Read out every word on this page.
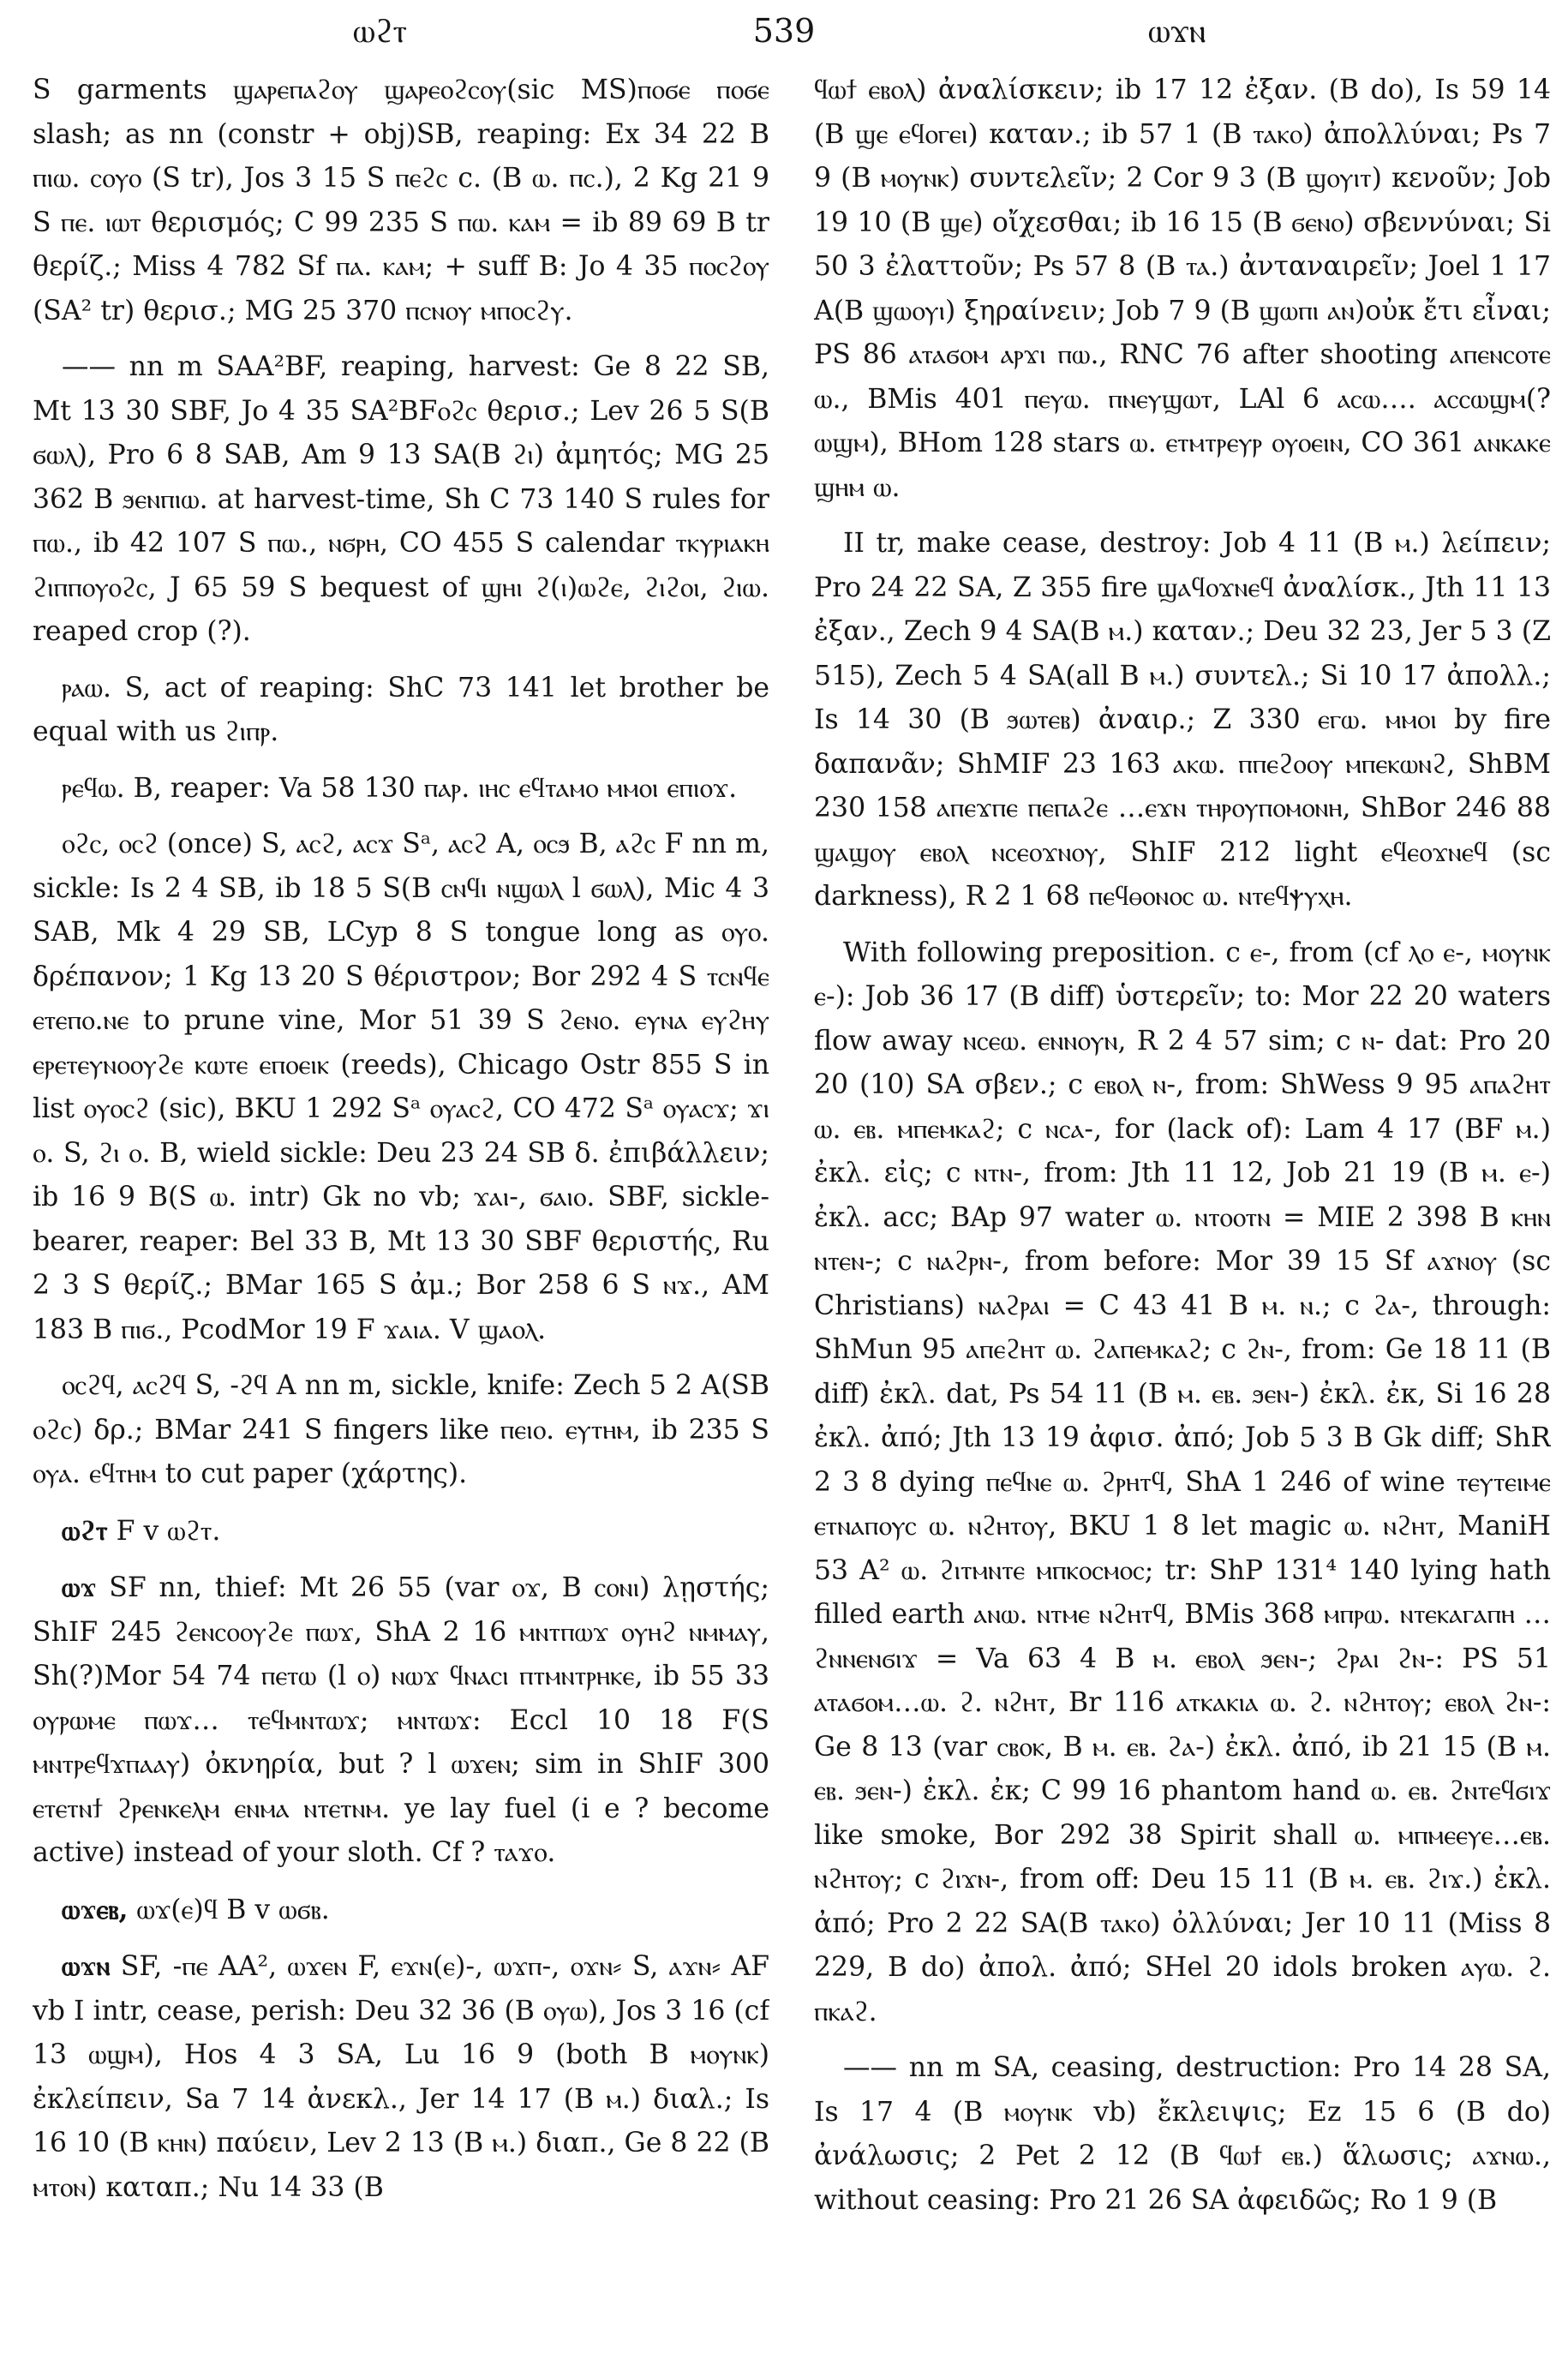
ⲱϩⲧ	539	ⲱϫⲛ

S garments ϣⲁⲣⲉⲡⲁϩⲟⲩ ϣⲁⲣⲉⲟϩⲥⲟⲩ(sic MS)ⲡⲟϭⲉ ⲡⲟϭⲉ slash; as nn (constr + obj)SB, reaping: Ex 34 22 B ⲡⲓⲱ. ⲥⲟⲩⲟ (S tr), Jos 3 15 S ⲡⲉϩⲥ c. (B ⲱ. ⲡⲥ.), 2 Kg 21 9 S ⲡⲉ. ⲓⲱⲧ θερισμός; C 99 235 S ⲡⲱ. ⲕⲁⲙ = ib 89 69 B tr θερίζ.; Miss 4 782 Sf ⲡⲁ. ⲕⲁⲙ; + suff B: Jo 4 35 ⲡⲟⲥϩⲟⲩ (SA² tr) θερισ.; MG 25 370 ⲡⲥⲛⲟⲩ ⲙⲡⲟⲥϩⲩ.

—— nn m SAA²BF, reaping, harvest: Ge 8 22 SB, Mt 13 30 SBF, Jo 4 35 SA²BFⲟϩⲥ θερισ.; Lev 26 5 S(B ϭⲱⲗ), Pro 6 8 SAB, Am 9 13 SA(B ϩⲓ) ἀμητός; MG 25 362 B ϧⲉⲛⲡⲓⲱ. at harvest-time, Sh C 73 140 S rules for ⲡⲱ., ib 42 107 S ⲡⲱ., ⲛϭⲣⲏ, CO 455 S calendar ⲧⲕⲩⲣⲓⲁⲕⲏ ϩⲓⲡⲡⲟⲩⲟϩⲥ, J 65 59 S bequest of ϣⲏⲓ ϩ(ⲓ)ⲱϩⲉ, ϩⲓϩⲟⲓ, ϩⲓⲱ. reaped crop (?).

ⲣⲁⲱ. S, act of reaping: ShC 73 141 let brother be equal with us ϩⲓⲡⲣ.

ⲣⲉϥⲱ. B, reaper: Va 58 130 ⲡⲁⲣ. ⲓⲏⲥ ⲉϥⲧⲁⲙⲟ ⲙⲙⲟⲓ ⲉⲡⲓⲟϫ.

ⲟϩⲥ, ⲟⲥϩ (once) S, ⲁⲥϩ, ⲁⲥϫ Sᵃ, ⲁⲥϩ A, ⲟⲥϧ B, ⲁϩⲥ F nn m, sickle: Is 2 4 SB, ib 18 5 S(B ⲥⲛϥⲓ ⲛϣⲱⲗ l ϭⲱⲗ), Mic 4 3 SAB, Mk 4 29 SB, LCyp 8 S tongue long as ⲟⲩⲟ. δρέπανον; 1 Kg 13 20 S θέριστρον; Bor 292 4 S ⲧⲥⲛϥⲉ ⲉⲧⲉⲡⲟ.ⲛⲉ to prune vine, Mor 51 39 S ϩⲉⲛⲟ. ⲉⲩⲛⲁ ⲉⲩϩⲏⲩ ⲉⲣⲉⲧⲉⲩⲛⲟⲟⲩϩⲉ ⲕⲱⲧⲉ ⲉⲡⲟⲉⲓⲕ (reeds), Chicago Ostr 855 S in list ⲟⲩⲟⲥϩ (sic), BKU 1 292 Sᵃ ⲟⲩⲁⲥϩ, CO 472 Sᵃ ⲟⲩⲁⲥϫ; ϫⲓ ⲟ. S, ϩⲓ ⲟ. B, wield sickle: Deu 23 24 SB δ. ἐπιβάλλειν; ib 16 9 B(S ⲱ. intr) Gk no vb; ϫⲁⲓ-, ϭⲁⲓⲟ. SBF, sickle-bearer, reaper: Bel 33 B, Mt 13 30 SBF θεριστής, Ru 2 3 S θερίζ.; BMar 165 S ἀμ.; Bor 258 6 S ⲛϫ., AM 183 B ⲡⲓϭ., PcodMor 19 F ϫⲁⲓⲁ. V ϣⲁⲟⲗ.

ⲟⲥϩϥ, ⲁⲥϩϥ S, -ϩϥ A nn m, sickle, knife: Zech 5 2 A(SB ⲟϩⲥ) δρ.; BMar 241 S fingers like ⲡⲉⲓⲟ. ⲉⲩⲧⲏⲙ, ib 235 S ⲟⲩⲁ. ⲉϥⲧⲏⲙ to cut paper (χάρτης).

ⲱϩⲧ F v ⲱϩⲧ.

ⲱϫ SF nn, thief: Mt 26 55 (var ⲟϫ, B ⲥⲟⲛⲓ) λῃστής; ShIF 245 ϩⲉⲛⲥⲟⲟⲩϩⲉ ⲡⲱϫ, ShA 2 16 ⲙⲛⲧⲡⲱϫ ⲟⲩⲏϩ ⲛⲙⲙⲁⲩ, Sh(?)Mor 54 74 ⲡⲉⲧⲱ (l ⲟ) ⲛⲱϫ ϥⲛⲁⲥⲓ ⲡⲧⲙⲛⲧⲣⲏⲕⲉ, ib 55 33 ⲟⲩⲣⲱⲙⲉ ⲡⲱϫ… ⲧⲉϥⲙⲛⲧⲱϫ; ⲙⲛⲧⲱϫ: Eccl 10 18 F(S ⲙⲛⲧⲣⲉϥϫⲡⲁⲁⲩ) ὀκνηρία, but ? l ⲱϫⲉⲛ; sim in ShIF 300 ⲉⲧⲉⲧⲛϯ ϩⲣⲉⲛⲕⲉⲗⲙ ⲉⲛⲙⲁ ⲛⲧⲉⲧⲛⲙ. ye lay fuel (i e ? become active) instead of your sloth. Cf ? ⲧⲁϫⲟ.

ⲱϫⲉⲃ, ⲱϫ(ⲉ)ϥ B v ⲱϭⲃ.

ⲱϫⲛ SF, -ⲡⲉ AA², ⲱϫⲉⲛ F, ⲉϫⲛ(ⲉ)-, ⲱϫⲡ-, ⲟϫⲛ⸗ S, ⲁϫⲛ⸗ AF vb I intr, cease, perish: Deu 32 36 (B ⲟⲩⲱ), Jos 3 16 (cf 13 ⲱϣⲙ), Hos 4 3 SA, Lu 16 9 (both B ⲙⲟⲩⲛⲕ) ἐκλείπειν, Sa 7 14 ἀνεκλ., Jer 14 17 (B ⲙ.) διαλ.; Is 16 10 (B ⲕⲏⲛ) παύειν, Lev 2 13 (B ⲙ.) διαπ., Ge 8 22 (B ⲙⲧⲟⲛ) καταπ.; Nu 14 33 (B

ϥⲱϯ ⲉⲃⲟⲗ) ἀναλίσκειν; ib 17 12 ἐξαν. (B do), Is 59 14 (B ϣⲉ ⲉϥⲟⲅⲉⲓ) καταν.; ib 57 1 (B ⲧⲁⲕⲟ) ἀπολλύναι; Ps 7 9 (B ⲙⲟⲩⲛⲕ) συντελεῖν; 2 Cor 9 3 (B ϣⲟⲩⲓⲧ) κενοῦν; Job 19 10 (B ϣⲉ) οἴχεσθαι; ib 16 15 (B ϭⲉⲛⲟ) σβεννύναι; Si 50 3 ἐλαττοῦν; Ps 57 8 (B ⲧⲁ.) ἀνταναιρεῖν; Joel 1 17 A(B ϣⲱⲟⲩⲓ) ξηραίνειν; Job 7 9 (B ϣⲱⲡⲓ ⲁⲛ)οὐκ ἔτι εἶναι; PS 86 ⲁⲧⲁϭⲟⲙ ⲁⲣϫⲓ ⲡⲱ., RNC 76 after shooting ⲁⲡⲉⲛⲥⲟⲧⲉ ⲱ., BMis 401 ⲡⲉⲩⲱ. ⲡⲛⲉⲩϣⲱⲧ, LAl 6 ⲁⲥⲱ…. ⲁⲥⲥⲱϣⲙ(? ⲱϣⲙ), BHom 128 stars ⲱ. ⲉⲧⲙⲧⲣⲉⲩⲣ ⲟⲩⲟⲉⲓⲛ, CO 361 ⲁⲛⲕⲁⲕⲉ ϣⲏⲙ ⲱ.

II tr, make cease, destroy: Job 4 11 (B ⲙ.) λείπειν; Pro 24 22 SA, Z 355 fire ϣⲁϥⲟϫⲛⲉϥ ἀναλίσκ., Jth 11 13 ἐξαν., Zech 9 4 SA(B ⲙ.) καταν.; Deu 32 23, Jer 5 3 (Z 515), Zech 5 4 SA(all B ⲙ.) συντελ.; Si 10 17 ἀπολλ.; Is 14 30 (B ϧⲱⲧⲉⲃ) ἀναιρ.; Z 330 ⲉⲅⲱ. ⲙⲙⲟⲓ by fire δαπανᾶν; ShMIF 23 163 ⲁⲕⲱ. ⲡⲡⲉϩⲟⲟⲩ ⲙⲡⲉⲕⲱⲛϩ, ShBM 230 158 ⲁⲡⲉϫⲡⲉ ⲡⲉⲡⲁϩⲉ …ⲉϫⲛ ⲧⲏⲣⲟⲩⲡⲟⲙⲟⲛⲏ, ShBor 246 88 ϣⲁϣⲟⲩ ⲉⲃⲟⲗ ⲛⲥⲉⲟϫⲛⲟⲩ, ShIF 212 light ⲉϥⲉⲟϫⲛⲉϥ (sc darkness), R 2 1 68 ⲡⲉϥⲑⲟⲛⲟⲥ ⲱ. ⲛⲧⲉϥⲯⲩⲭⲏ.

With following preposition. c ⲉ-, from (cf ⲗⲟ ⲉ-, ⲙⲟⲩⲛⲕ ⲉ-): Job 36 17 (B diff) ὑστερεῖν; to: Mor 22 20 waters flow away ⲛⲥⲉⲱ. ⲉⲛⲛⲟⲩⲛ, R 2 4 57 sim; c ⲛ- dat: Pro 20 20 (10) SA σβεν.; c ⲉⲃⲟⲗ ⲛ-, from: ShWess 9 95 ⲁⲡⲁϩⲏⲧ ⲱ. ⲉⲃ. ⲙⲡⲉⲙⲕⲁϩ; c ⲛⲥⲁ-, for (lack of): Lam 4 17 (BF ⲙ.) ἐκλ. εἰς; c ⲛⲧⲛ-, from: Jth 11 12, Job 21 19 (B ⲙ. ⲉ-) ἐκλ. acc; BAp 97 water ⲱ. ⲛⲧⲟⲟⲧⲛ = MIE 2 398 B ⲕⲏⲛ ⲛⲧⲉⲛ-; c ⲛⲁϩⲣⲛ-, from before: Mor 39 15 Sf ⲁϫⲛⲟⲩ (sc Christians) ⲛⲁϩⲣⲁⲓ = C 43 41 B ⲙ. ⲛ.; c ϩⲁ-, through: ShMun 95 ⲁⲡⲉϩⲏⲧ ⲱ. ϩⲁⲡⲉⲙⲕⲁϩ; c ϩⲛ-, from: Ge 18 11 (B diff) ἐκλ. dat, Ps 54 11 (B ⲙ. ⲉⲃ. ϧⲉⲛ-) ἐκλ. ἐκ, Si 16 28 ἐκλ. ἀπό; Jth 13 19 ἀφισ. ἀπό; Job 5 3 B Gk diff; ShR 2 3 8 dying ⲡⲉϥⲛⲉ ⲱ. ϩⲣⲏⲧϥ, ShA 1 246 of wine ⲧⲉⲩⲧⲉⲓⲙⲉ ⲉⲧⲛⲁⲡⲟⲩⲥ ⲱ. ⲛϩⲏⲧⲟⲩ, BKU 1 8 let magic ⲱ. ⲛϩⲏⲧ, ManiH 53 A² ⲱ. ϩⲓⲧⲙⲛⲧⲉ ⲙⲡⲕⲟⲥⲙⲟⲥ; tr: ShP 131⁴ 140 lying hath filled earth ⲁⲛⲱ. ⲛⲧⲙⲉ ⲛϩⲏⲧϥ, BMis 368 ⲙⲡⲣⲱ. ⲛⲧⲉⲕⲁⲅⲁⲡⲏ … ϩⲛⲛⲉⲛϭⲓϫ = Va 63 4 B ⲙ. ⲉⲃⲟⲗ ϧⲉⲛ-; ϩⲣⲁⲓ ϩⲛ-: PS 51 ⲁⲧⲁϭⲟⲙ…ⲱ. ϩ. ⲛϩⲏⲧ, Br 116 ⲁⲧⲕⲁⲕⲓⲁ ⲱ. ϩ. ⲛϩⲏⲧⲟⲩ; ⲉⲃⲟⲗ ϩⲛ-: Ge 8 13 (var ⲥⲃⲟⲕ, B ⲙ. ⲉⲃ. ϩⲁ-) ἐκλ. ἀπό, ib 21 15 (B ⲙ. ⲉⲃ. ϧⲉⲛ-) ἐκλ. ἐκ; C 99 16 phantom hand ⲱ. ⲉⲃ. ϩⲛⲧⲉϥϭⲓϫ like smoke, Bor 292 38 Spirit shall ⲱ. ⲙⲡⲙⲉⲉⲩⲉ…ⲉⲃ. ⲛϩⲏⲧⲟⲩ; c ϩⲓϫⲛ-, from off: Deu 15 11 (B ⲙ. ⲉⲃ. ϩⲓϫ.) ἐκλ. ἀπό; Pro 2 22 SA(B ⲧⲁⲕⲟ) ὀλλύναι; Jer 10 11 (Miss 8 229, B do) ἀπολ. ἀπό; SHel 20 idols broken ⲁⲩⲱ. ϩ. ⲡⲕⲁϩ.

—— nn m SA, ceasing, destruction: Pro 14 28 SA, Is 17 4 (B ⲙⲟⲩⲛⲕ vb) ἔκλειψις; Ez 15 6 (B do) ἀνάλωσις; 2 Pet 2 12 (B ϥⲱϯ ⲉⲃ.) ἅλωσις; ⲁϫⲛⲱ., without ceasing: Pro 21 26 SA ἀφειδῶς; Ro 1 9 (B
